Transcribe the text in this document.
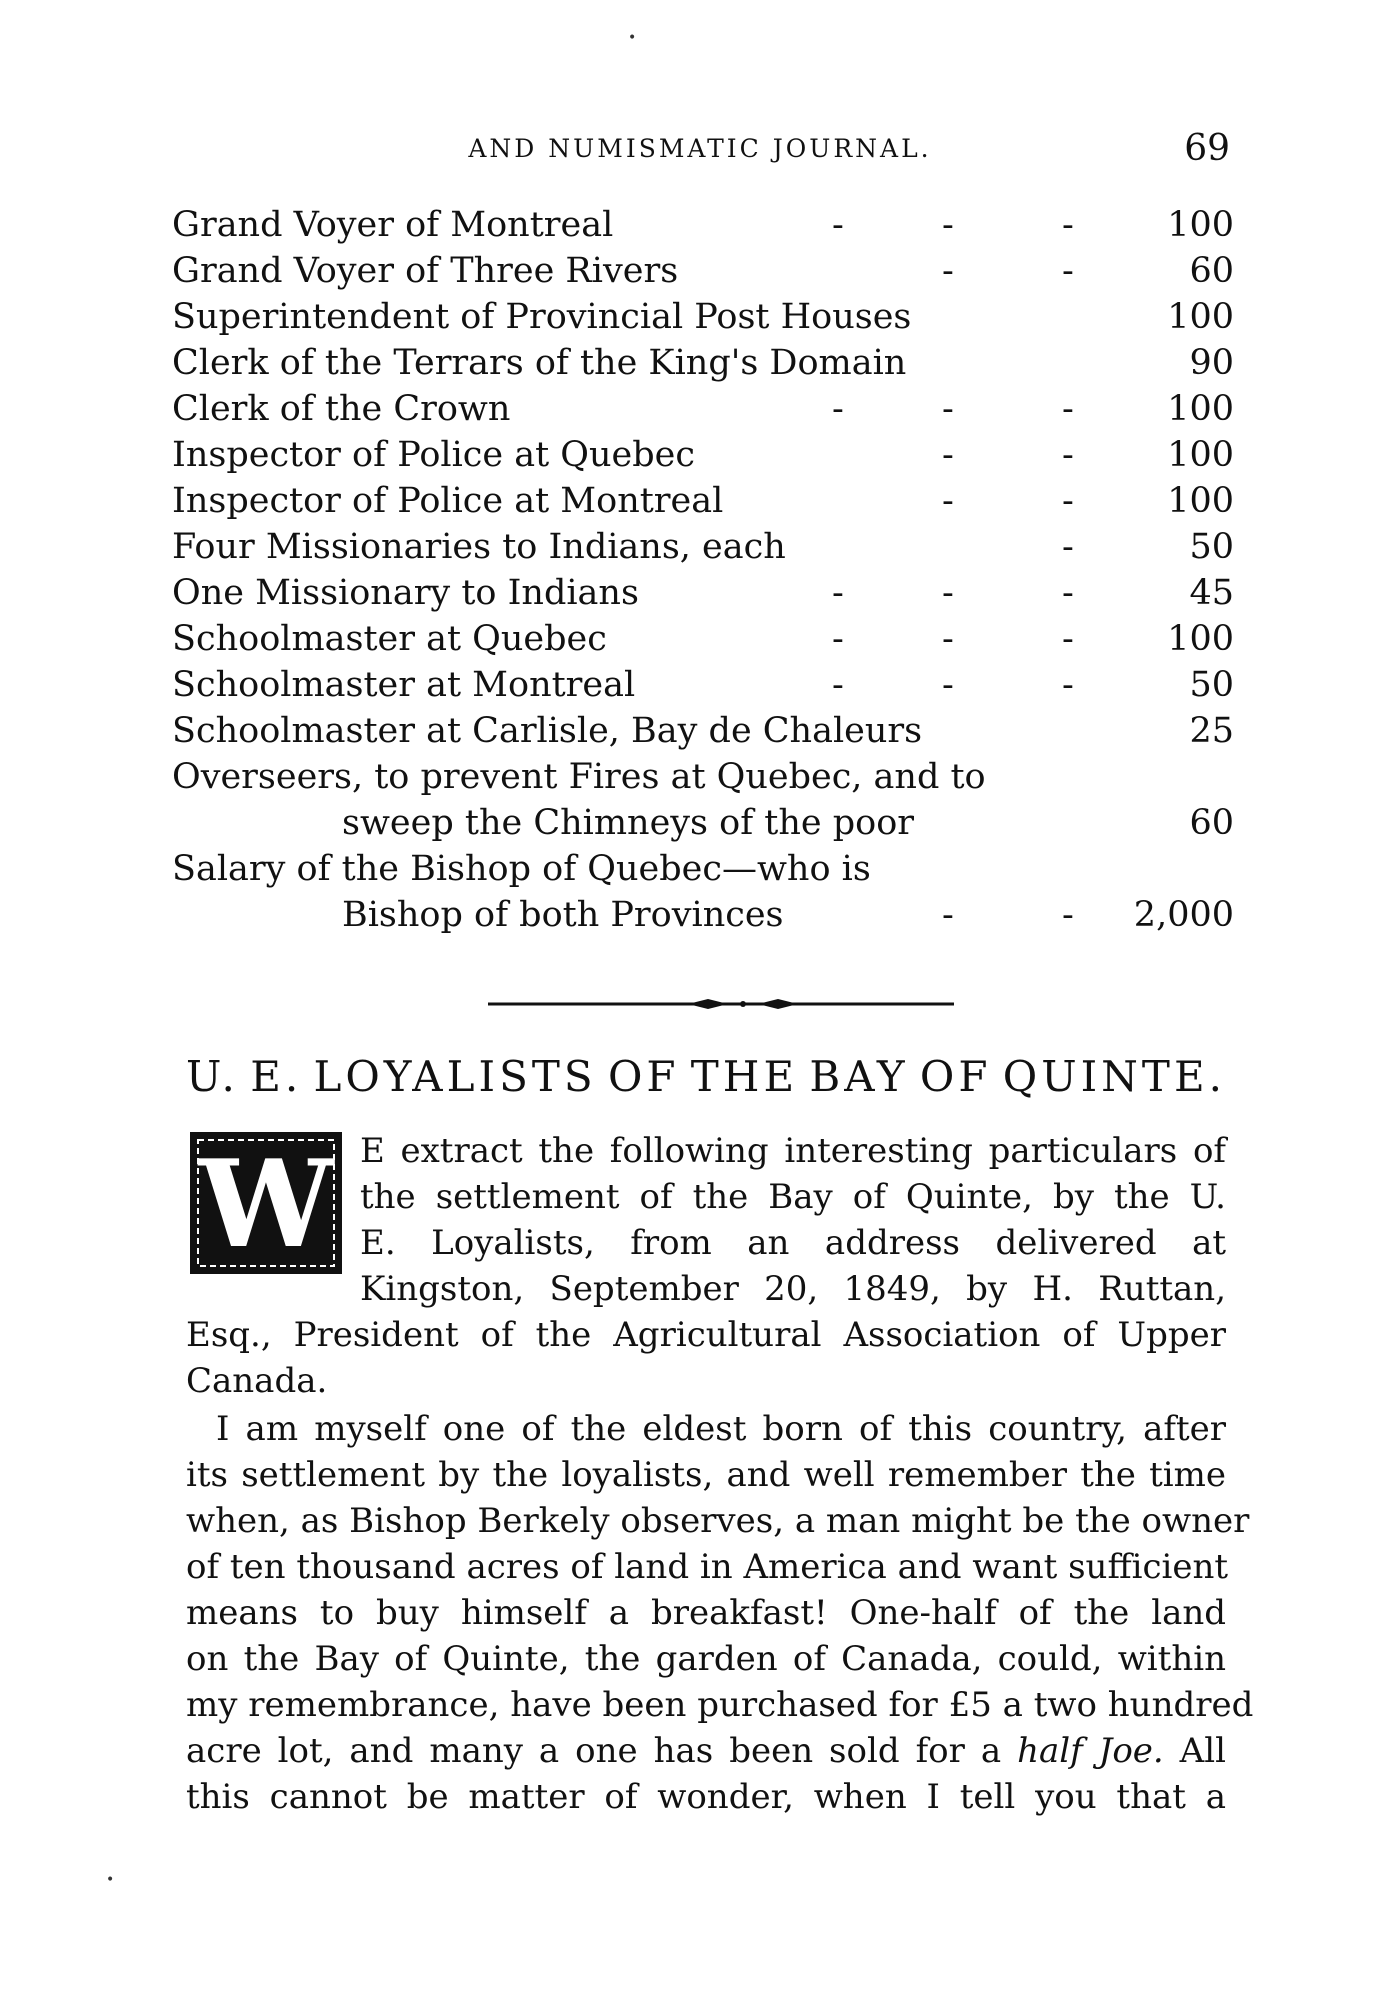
AND NUMISMATIC JOURNAL.	69
Grand Voyer of Montreal	-	-	-	100
Grand Voyer of Three Rivers	-	-	60
Superintendent of Provincial Post Houses	100
Clerk of the Terrars of the King's Domain	90
Clerk of the Crown	-	-	-	100
Inspector of Police at Quebec	-	-	100
Inspector of Police at Montreal	-	-	100
Four Missionaries to Indians, each	-	50
One Missionary to Indians	-	-	-	45
Schoolmaster at Quebec	-	-	-	100
Schoolmaster at Montreal	-	-	-	50
Schoolmaster at Carlisle, Bay de Chaleurs	25
Overseers, to prevent Fires at Quebec, and to
sweep the Chimneys of the poor	60
Salary of the Bishop of Quebec—who is
Bishop of both Provinces	-	- 2,000
U. E. LOYALISTS OF THE BAY OF QUINTE.
W E extract the following interesting particulars of
the settlement of the Bay of Quinte, by the U.
E. Loyalists, from an address delivered at
Kingston, September 20, 1849, by H. Ruttan,
Esq., President of the Agricultural Association of Upper
Canada.
I am myself one of the eldest born of this country, after
its settlement by the loyalists, and well remember the time
when, as Bishop Berkely observes, a man might be the owner
of ten thousand acres of land in America and want sufficient
means to buy himself a breakfast! One-half of the land
on the Bay of Quinte, the garden of Canada, could, within
my remembrance, have been purchased for £5 a two hundred
acre lot, and many a one has been sold for a half Joe. All
this cannot be matter of wonder, when I tell you that a
•
•
